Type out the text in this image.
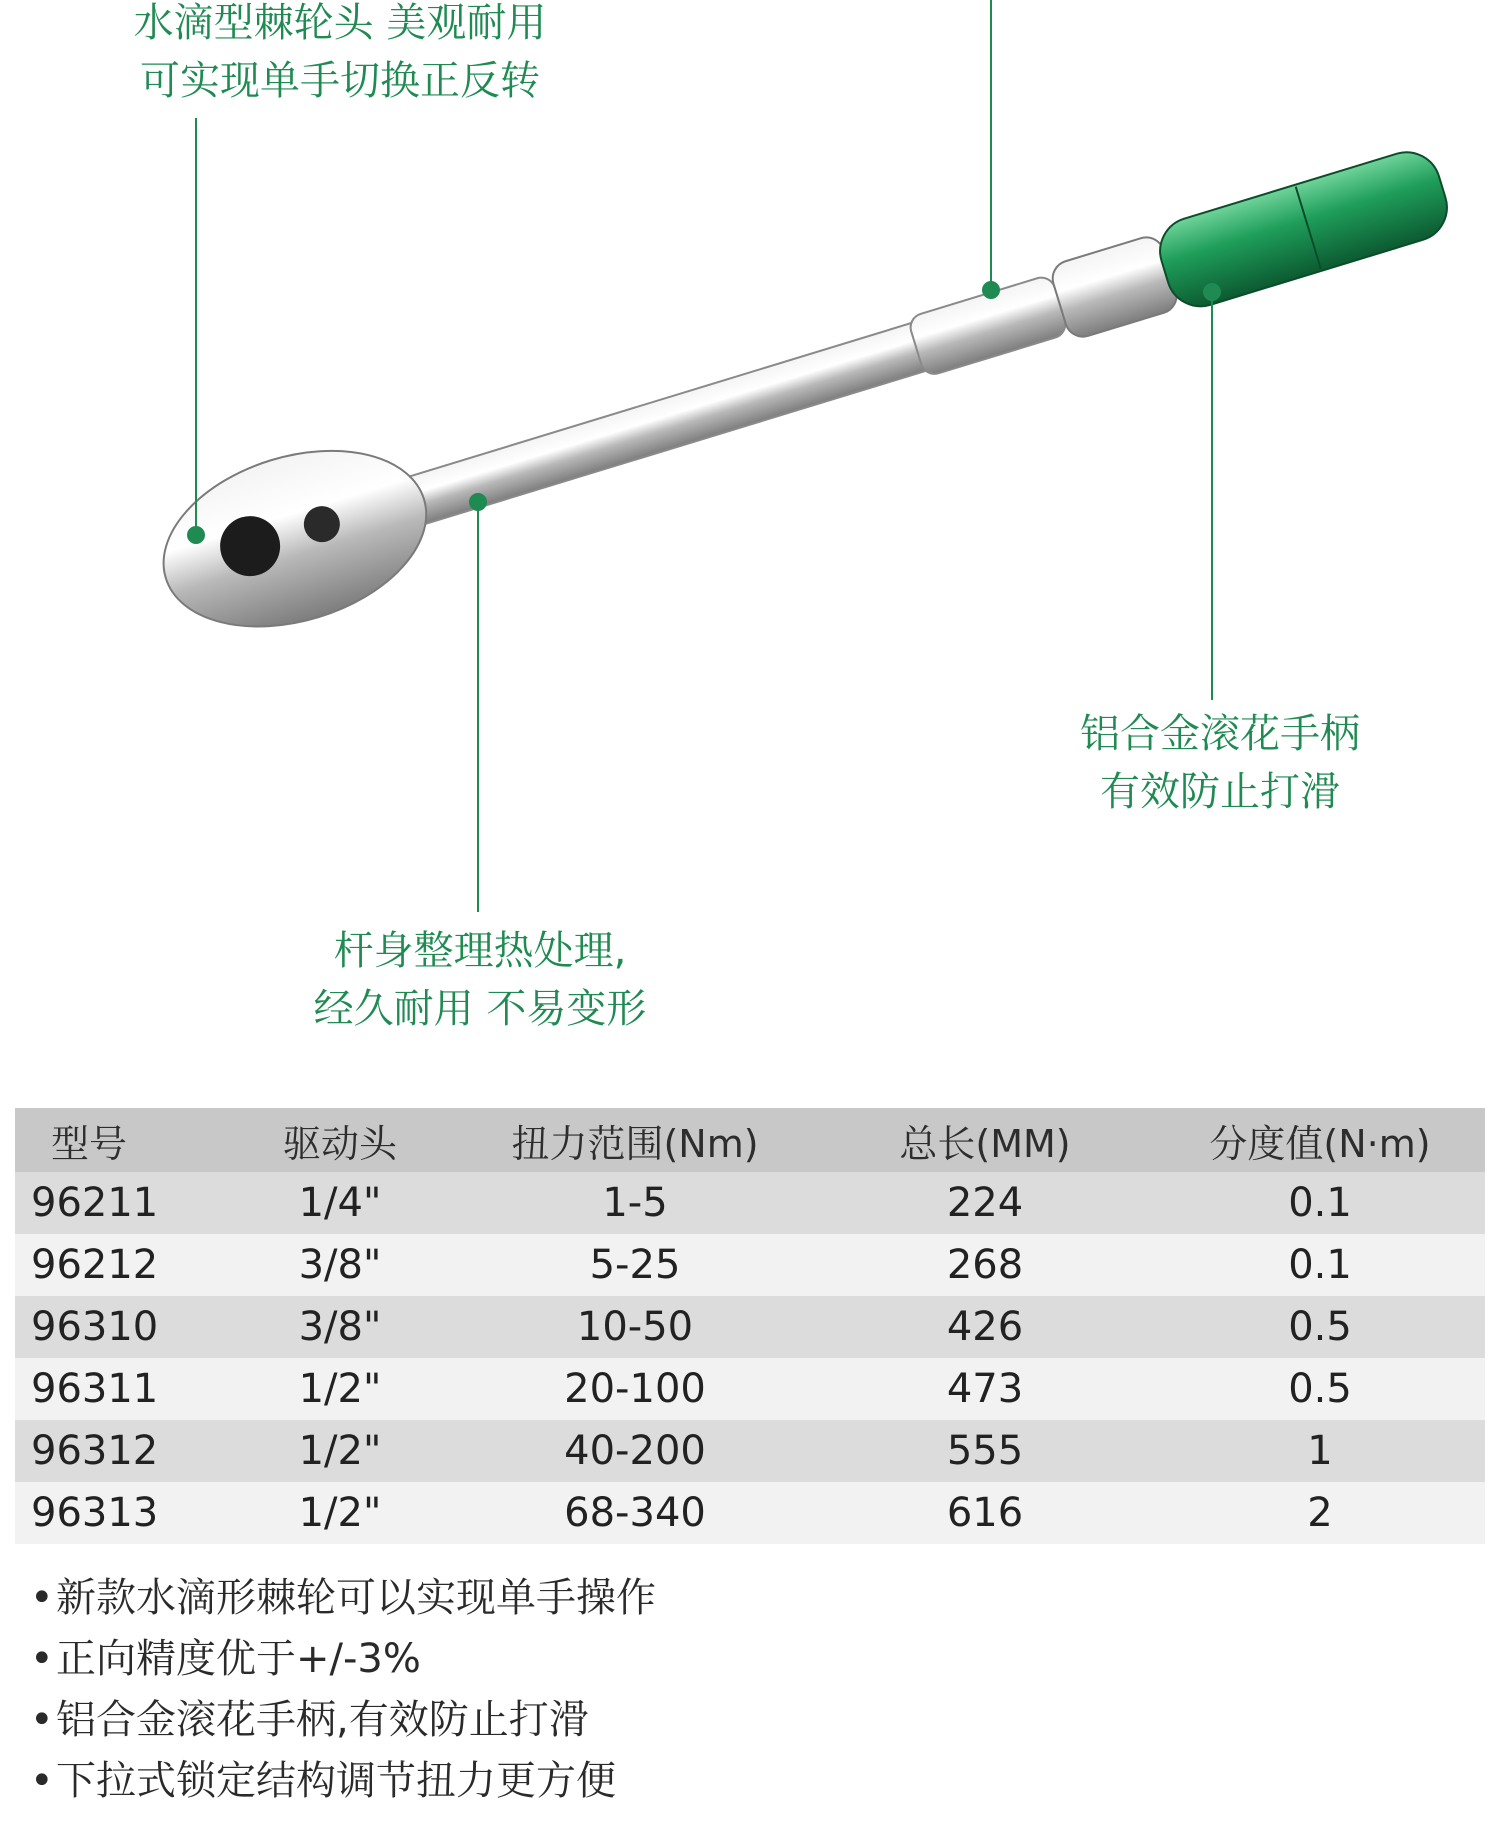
水滴型棘轮头 美观耐用
可实现单手切换正反转
铝合金滚花手柄
有效防止打滑
杆身整理热处理,
经久耐用 不易变形
型号	驱动头	扭力范围(Nm)	总长(MM)	分度值(N·m)
96211	1/4"	1-5	224	0.1
96212	3/8"	5-25	268	0.1
96310	3/8"	10-50	426	0.5
96311	1/2"	20-100	473	0.5
96312	1/2"	40-200	555	1
96313	1/2"	68-340	616	2
•新款水滴形棘轮可以实现单手操作
•正向精度优于+/-3%
•铝合金滚花手柄,有效防止打滑
•下拉式锁定结构调节扭力更方便
